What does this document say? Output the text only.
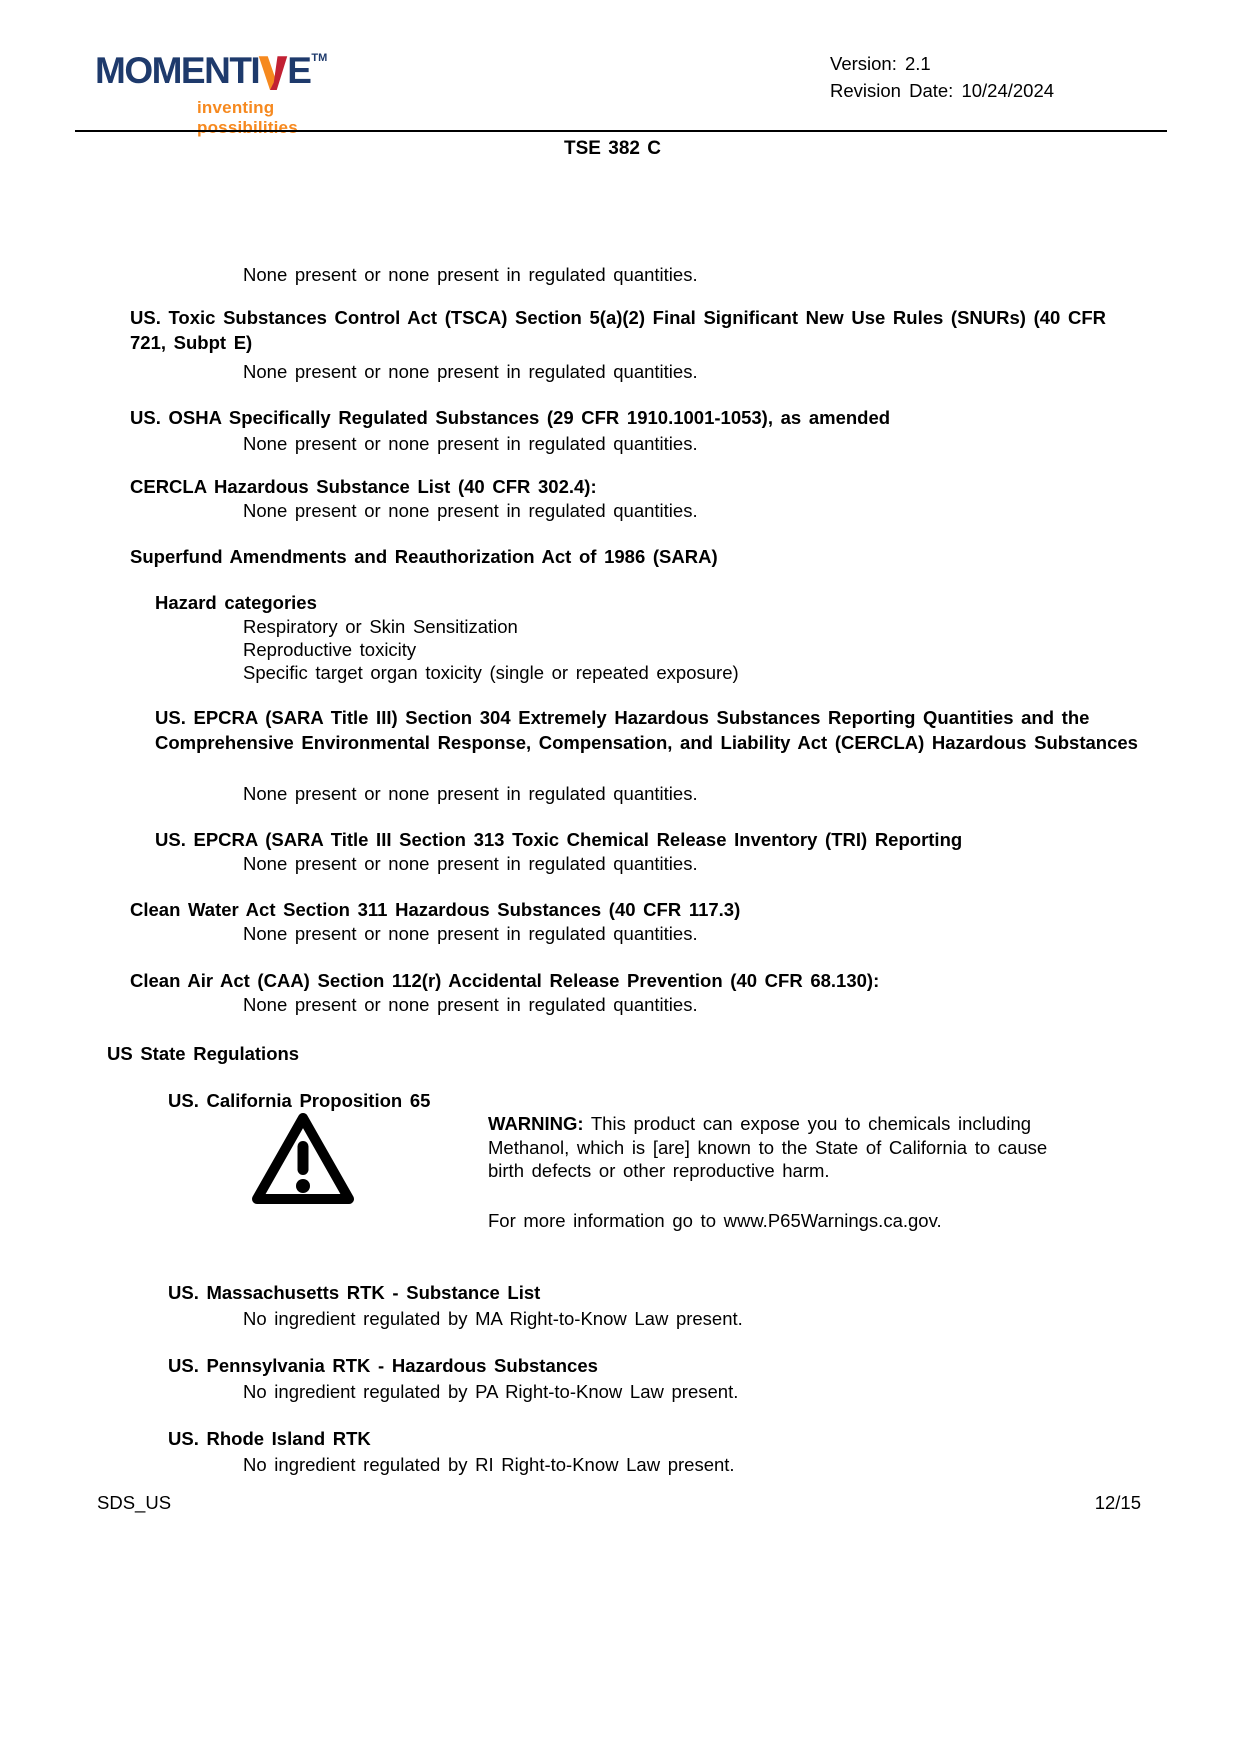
MOMENTI E™
inventing possibilities
Version: 2.1
Revision Date: 10/24/2024
TSE 382 C
None present or none present in regulated quantities.
US. Toxic Substances Control Act (TSCA) Section 5(a)(2) Final Significant New Use Rules (SNURs) (40 CFR 721, Subpt E)
None present or none present in regulated quantities.
US. OSHA Specifically Regulated Substances (29 CFR 1910.1001-1053), as amended
None present or none present in regulated quantities.
CERCLA Hazardous Substance List (40 CFR 302.4):
None present or none present in regulated quantities.
Superfund Amendments and Reauthorization Act of 1986 (SARA)
Hazard categories
Respiratory or Skin Sensitization
Reproductive toxicity
Specific target organ toxicity (single or repeated exposure)
US. EPCRA (SARA Title III) Section 304 Extremely Hazardous Substances Reporting Quantities and the Comprehensive Environmental Response, Compensation, and Liability Act (CERCLA) Hazardous Substances
None present or none present in regulated quantities.
US. EPCRA (SARA Title III Section 313 Toxic Chemical Release Inventory (TRI) Reporting
None present or none present in regulated quantities.
Clean Water Act Section 311 Hazardous Substances (40 CFR 117.3)
None present or none present in regulated quantities.
Clean Air Act (CAA) Section 112(r) Accidental Release Prevention (40 CFR 68.130):
None present or none present in regulated quantities.
US State Regulations
US. California Proposition 65
WARNING: This product can expose you to chemicals including Methanol, which is [are] known to the State of California to cause birth defects or other reproductive harm.
For more information go to www.P65Warnings.ca.gov.
US. Massachusetts RTK - Substance List
No ingredient regulated by MA Right-to-Know Law present.
US. Pennsylvania RTK - Hazardous Substances
No ingredient regulated by PA Right-to-Know Law present.
US. Rhode Island RTK
No ingredient regulated by RI Right-to-Know Law present.
SDS_US	12/15
